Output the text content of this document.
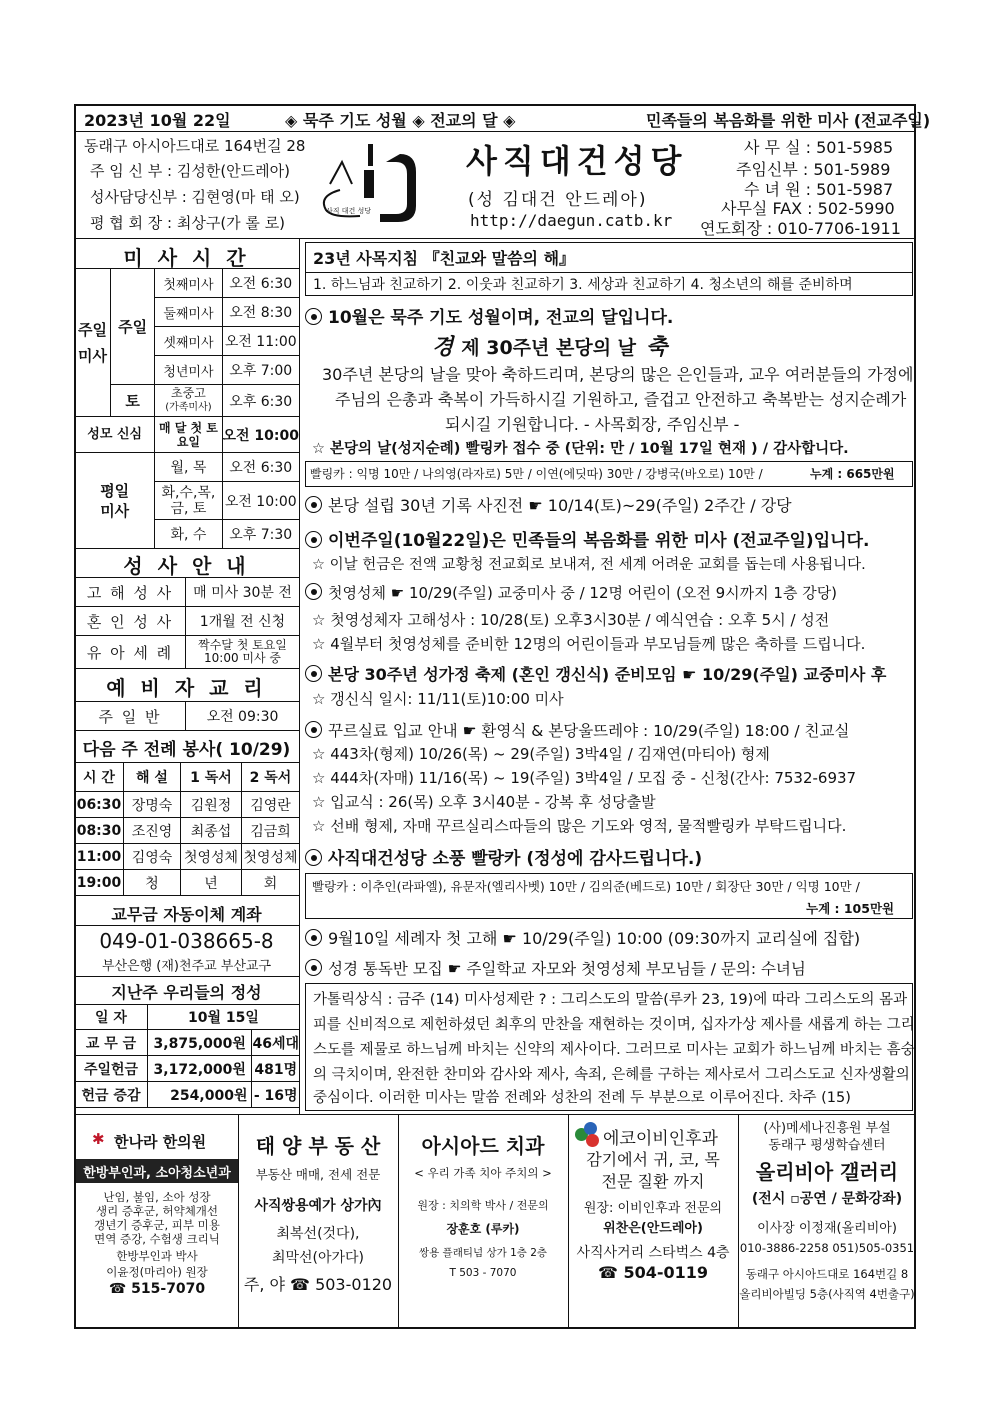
2023년 10월 22일	◈ 묵주 기도 성월 ◈ 전교의 달 ◈	민족들의 복음화를 위한 미사 (전교주일)
동래구 아시아드대로 164번길 28
주 임 신 부 : 김성한(안드레아)
성사담당신부 : 김현영(마 태 오)
평 협 회 장 : 최상구(가 롤 로)
사직 대건 성당
사직대건성당
(성 김대건 안드레아)
http://daegun.catb.kr
사 무 실 : 501-5985
주임신부 : 501-5989
수 녀 원 : 501-5987
사무실 FAX : 502-5990
연도회장 : 010-7706-1911
미 사 시 간
주일미사	주일	첫째미사	오전 6:30
		둘째미사	오전 8:30
		셋째미사	오전 11:00
		청년미사	오후 7:00
	토	초중고
(가족미사)	오후 6:30
성모 신심		매 달 첫 토요일	오전 10:00
평일미사		월, 목	오전 6:30
		화,수,목, 금, 토	오전 10:00
		화, 수	오후 7:30
성 사 안 내
고 해 성 사	매 미사 30분 전
혼 인 성 사	1개월 전 신청
유 아 세 례	짝수달 첫 토요일 10:00 미사 중
예 비 자 교 리
주 일 반	오전 09:30
다음 주 전례 봉사( 10/29)
시 간	해 설	1 독서	2 독서
06:30	장명숙	김원정	김영란
08:30	조진영	최종섭	김금희
11:00	김영숙	첫영성체	첫영성체
19:00	청	년	회
교무금 자동이체 계좌
049-01-038665-8
부산은행 (재)천주교 부산교구
지난주 우리들의 정성
일 자	10월 15일	
교 무 금	3,875,000원	46세대
주일헌금	3,172,000원	481명
헌금 증감	254,000원	- 16명
23년 사목지침 『친교와 말씀의 해』
1. 하느님과 친교하기 2. 이웃과 친교하기 3. 세상과 친교하기 4. 청소년의 해를 준비하며
10월은 묵주 기도 성월이며, 전교의 달입니다.
경 제 30주년 본당의 날 축
30주년 본당의 날을 맞아 축하드리며, 본당의 많은 은인들과, 교우 여러분들의 가정에
주님의 은총과 축복이 가득하시길 기원하고, 즐겁고 안전하고 축복받는 성지순례가
되시길 기원합니다. - 사목회장, 주임신부 -
☆ 본당의 날(성지순례) 빨링카 접수 중 (단위: 만 / 10월 17일 현재 ) / 감사합니다.
빨링카 : 익명 10만 / 나의영(라자로) 5만 / 이연(에딧따) 30만 / 강병국(바오로) 10만 /	누계 : 665만원
본당 설립 30년 기록 사진전 ☛ 10/14(토)~29(주일) 2주간 / 강당
이번주일(10월22일)은 민족들의 복음화를 위한 미사 (전교주일)입니다.
☆ 이날 헌금은 전액 교황청 전교회로 보내져, 전 세계 어려운 교회를 돕는데 사용됩니다.
첫영성체 ☛ 10/29(주일) 교중미사 중 / 12명 어린이 (오전 9시까지 1층 강당)
☆ 첫영성체자 고해성사 : 10/28(토) 오후3시30분 / 예식연습 : 오후 5시 / 성전
☆ 4월부터 첫영성체를 준비한 12명의 어린이들과 부모님들께 많은 축하를 드립니다.
본당 30주년 성가정 축제 (혼인 갱신식) 준비모임 ☛ 10/29(주일) 교중미사 후
☆ 갱신식 일시: 11/11(토)10:00 미사
꾸르실료 입교 안내 ☛ 환영식 & 본당울뜨레야 : 10/29(주일) 18:00 / 친교실
☆ 443차(형제) 10/26(목) ~ 29(주일) 3박4일 / 김재연(마티아) 형제
☆ 444차(자매) 11/16(목) ~ 19(주일) 3박4일 / 모집 중 - 신청(간사: 7532-6937
☆ 입교식 : 26(목) 오후 3시40분 - 강복 후 성당출발
☆ 선배 형제, 자매 꾸르실리스따들의 많은 기도와 영적, 물적빨링카 부탁드립니다.
사직대건성당 소풍 빨랑카 (정성에 감사드립니다.)
빨랑카 : 이추인(라파엘), 유문자(엘리사벳) 10만 / 김의준(베드로) 10만 / 회장단 30만 / 익명 10만 /
누계 : 105만원
9월10일 세례자 첫 고해 ☛ 10/29(주일) 10:00 (09:30까지 교리실에 집합)
성경 통독반 모집 ☛ 주일학교 자모와 첫영성체 부모님들 / 문의: 수녀님
가톨릭상식 : 금주 (14) 미사성제란 ? : 그리스도의 말씀(루카 23, 19)에 따라 그리스도의 몸과
피를 신비적으로 제헌하셨던 최후의 만찬을 재현하는 것이며, 십자가상 제사를 새롭게 하는 그리
스도를 제물로 하느님께 바치는 신약의 제사이다. 그러므로 미사는 교회가 하느님께 바치는 흠숭
의 극치이며, 완전한 찬미와 감사와 제사, 속죄, 은혜를 구하는 제사로서 그리스도교 신자생활의
중심이다. 이러한 미사는 말씀 전례와 성찬의 전례 두 부분으로 이루어진다. 차주 (15)
✱ 한나라 한의원
한방부인과, 소아청소년과
난임, 불임, 소아 성장
생리 증후군, 허약체개선
갱년기 증후군, 피부 미용
면역 증강, 수험생 크리닉
한방부인과 박사
이윤정(마리아) 원장
☎ 515-7070
태 양 부 동 산
부동산 매매, 전세 전문
사직쌍용예가 상가內
최복선(것다),
최막선(아가다)
주, 야 ☎ 503-0120
아시아드 치과
< 우리 가족 치아 주치의 >
원장 : 치의학 박사 / 전문의
장훈호 (루카)
쌍용 플래티넘 상가 1층 2층
T 503 - 7070
에코이비인후과
감기에서 귀, 코, 목
전문 질환 까지
원장: 이비인후과 전문의
위찬은(안드레아)
사직사거리 스타벅스 4층
☎ 504-0119
(사)메세나진흥원 부설
동래구 평생학습센터
올리비아 갤러리
(전시 ▫공연 / 문화강좌)
이사장 이정재(올리비아)
010-3886-2258 051)505-0351
동래구 아시아드대로 164번길 8
올리비아빌딩 5층(사직역 4번출구)
